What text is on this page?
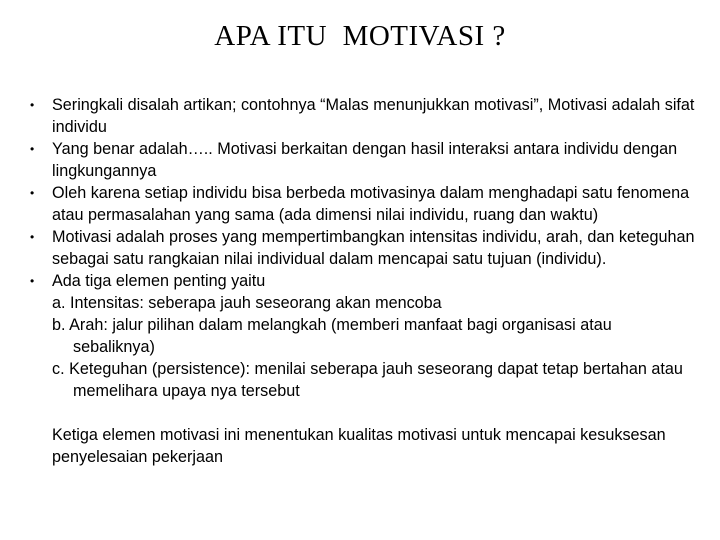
APA ITU  MOTIVASI ?
• Seringkali disalah artikan; contohnya “Malas menunjukkan motivasi”, Motivasi adalah sifat individu
• Yang benar adalah….. Motivasi berkaitan dengan hasil interaksi antara individu dengan lingkungannya
• Oleh karena setiap individu bisa berbeda motivasinya dalam menghadapi satu fenomena atau permasalahan yang sama (ada dimensi nilai individu, ruang dan waktu)
• Motivasi adalah proses yang mempertimbangkan intensitas individu, arah, dan keteguhan sebagai satu rangkaian nilai individual dalam mencapai satu tujuan (individu).
• Ada tiga elemen penting yaitu
a. Intensitas: seberapa jauh seseorang akan mencoba
b. Arah: jalur pilihan dalam melangkah (memberi manfaat bagi organisasi atau sebaliknya)
c. Keteguhan (persistence): menilai seberapa jauh seseorang dapat tetap bertahan atau memelihara upaya nya tersebut
Ketiga elemen motivasi ini menentukan kualitas motivasi untuk mencapai kesuksesan penyelesaian pekerjaan
